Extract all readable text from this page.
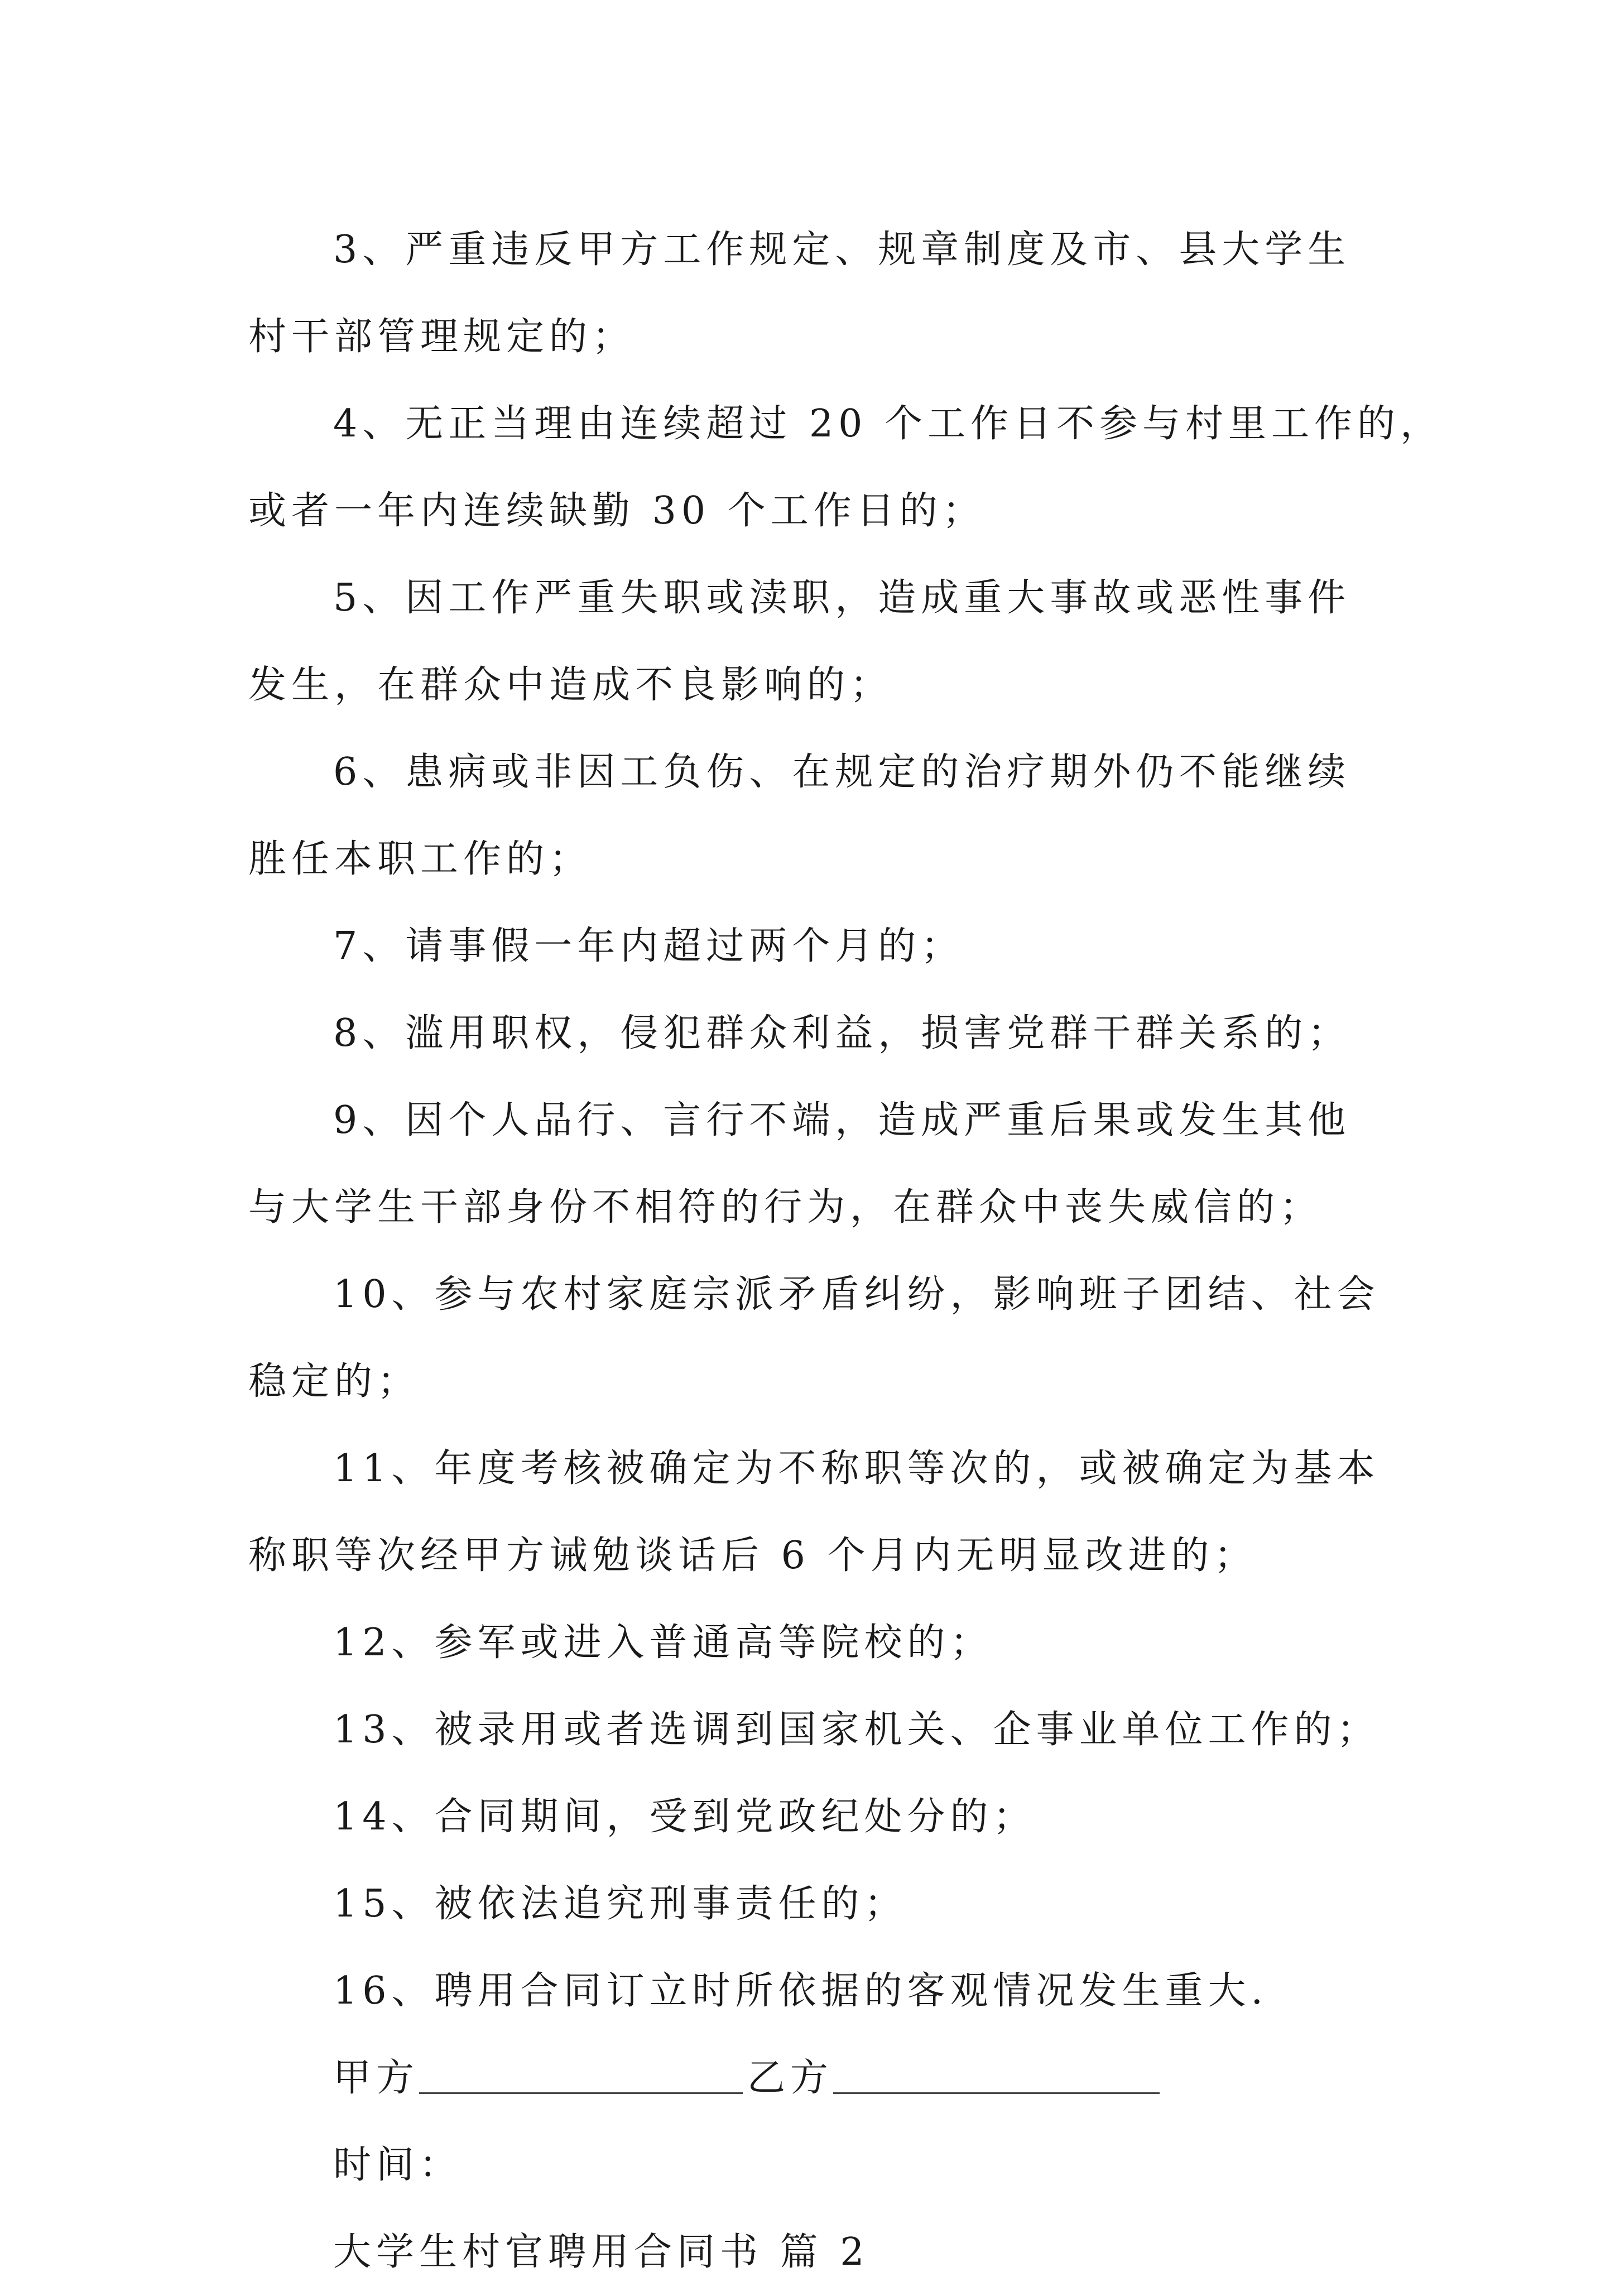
3、严重违反甲方工作规定、规章制度及市、县大学生
村干部管理规定的；
4、无正当理由连续超过 20 个工作日不参与村里工作的，
或者一年内连续缺勤 30 个工作日的；
5、因工作严重失职或渎职，造成重大事故或恶性事件
发生，在群众中造成不良影响的；
6、患病或非因工负伤、在规定的治疗期外仍不能继续
胜任本职工作的；
7、请事假一年内超过两个月的；
8、滥用职权，侵犯群众利益，损害党群干群关系的；
9、因个人品行、言行不端，造成严重后果或发生其他
与大学生干部身份不相符的行为，在群众中丧失威信的；
10、参与农村家庭宗派矛盾纠纷，影响班子团结、社会
稳定的；
11、年度考核被确定为不称职等次的，或被确定为基本
称职等次经甲方诫勉谈话后 6 个月内无明显改进的；
12、参军或进入普通高等院校的；
13、被录用或者选调到国家机关、企事业单位工作的；
14、合同期间，受到党政纪处分的；
15、被依法追究刑事责任的；
16、聘用合同订立时所依据的客观情况发生重大.
甲方	乙方
时间：
大学生村官聘用合同书 篇 2
